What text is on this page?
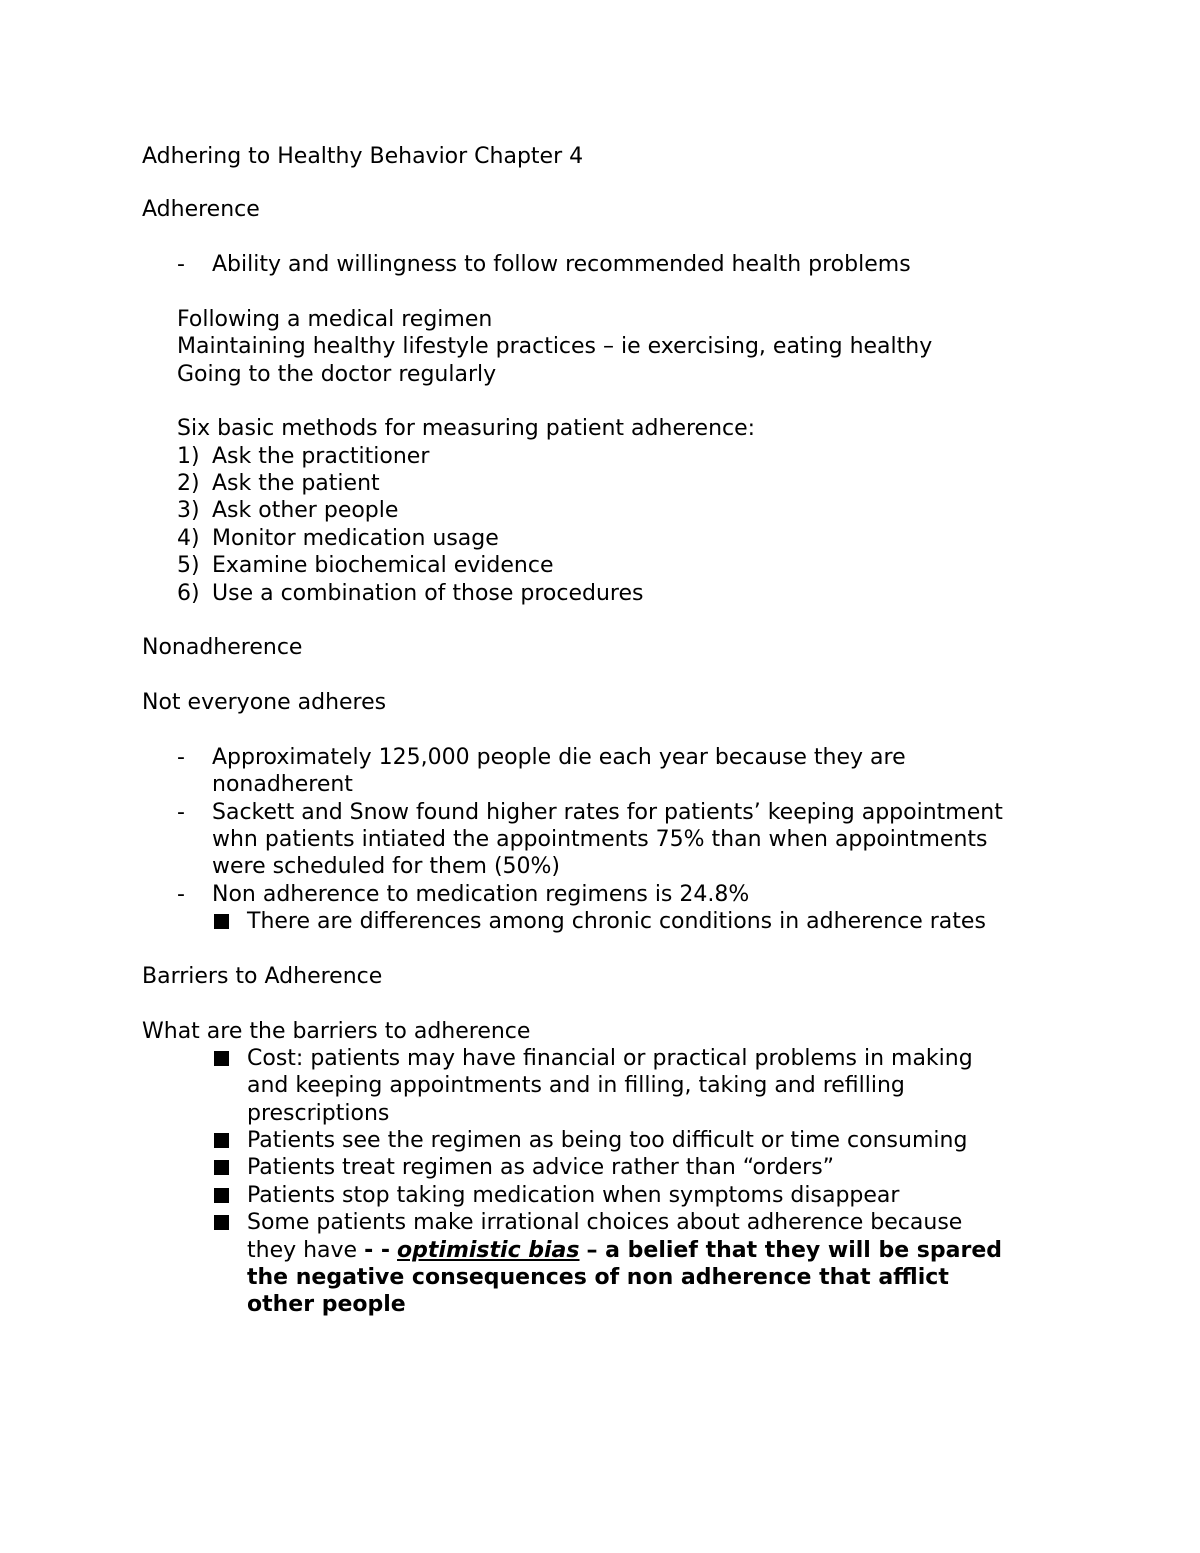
Adhering to Healthy Behavior Chapter 4
Adherence
- Ability and willingness to follow recommended health problems
Following a medical regimen
Maintaining healthy lifestyle practices – ie exercising, eating healthy
Going to the doctor regularly
Six basic methods for measuring patient adherence:
1) Ask the practitioner
2) Ask the patient
3) Ask other people
4) Monitor medication usage
5) Examine biochemical evidence
6) Use a combination of those procedures
Nonadherence
Not everyone adheres
- Approximately 125,000 people die each year because they are
nonadherent
- Sackett and Snow found higher rates for patients’ keeping appointment
whn patients intiated the appointments 75% than when appointments
were scheduled for them (50%)
- Non adherence to medication regimens is 24.8%
There are differences among chronic conditions in adherence rates
Barriers to Adherence
What are the barriers to adherence
Cost: patients may have financial or practical problems in making
and keeping appointments and in filling, taking and refilling
prescriptions
Patients see the regimen as being too difficult or time consuming
Patients treat regimen as advice rather than “orders”
Patients stop taking medication when symptoms disappear
Some patients make irrational choices about adherence because
they have - - optimistic bias – a belief that they will be spared
the negative consequences of non adherence that afflict
other people
